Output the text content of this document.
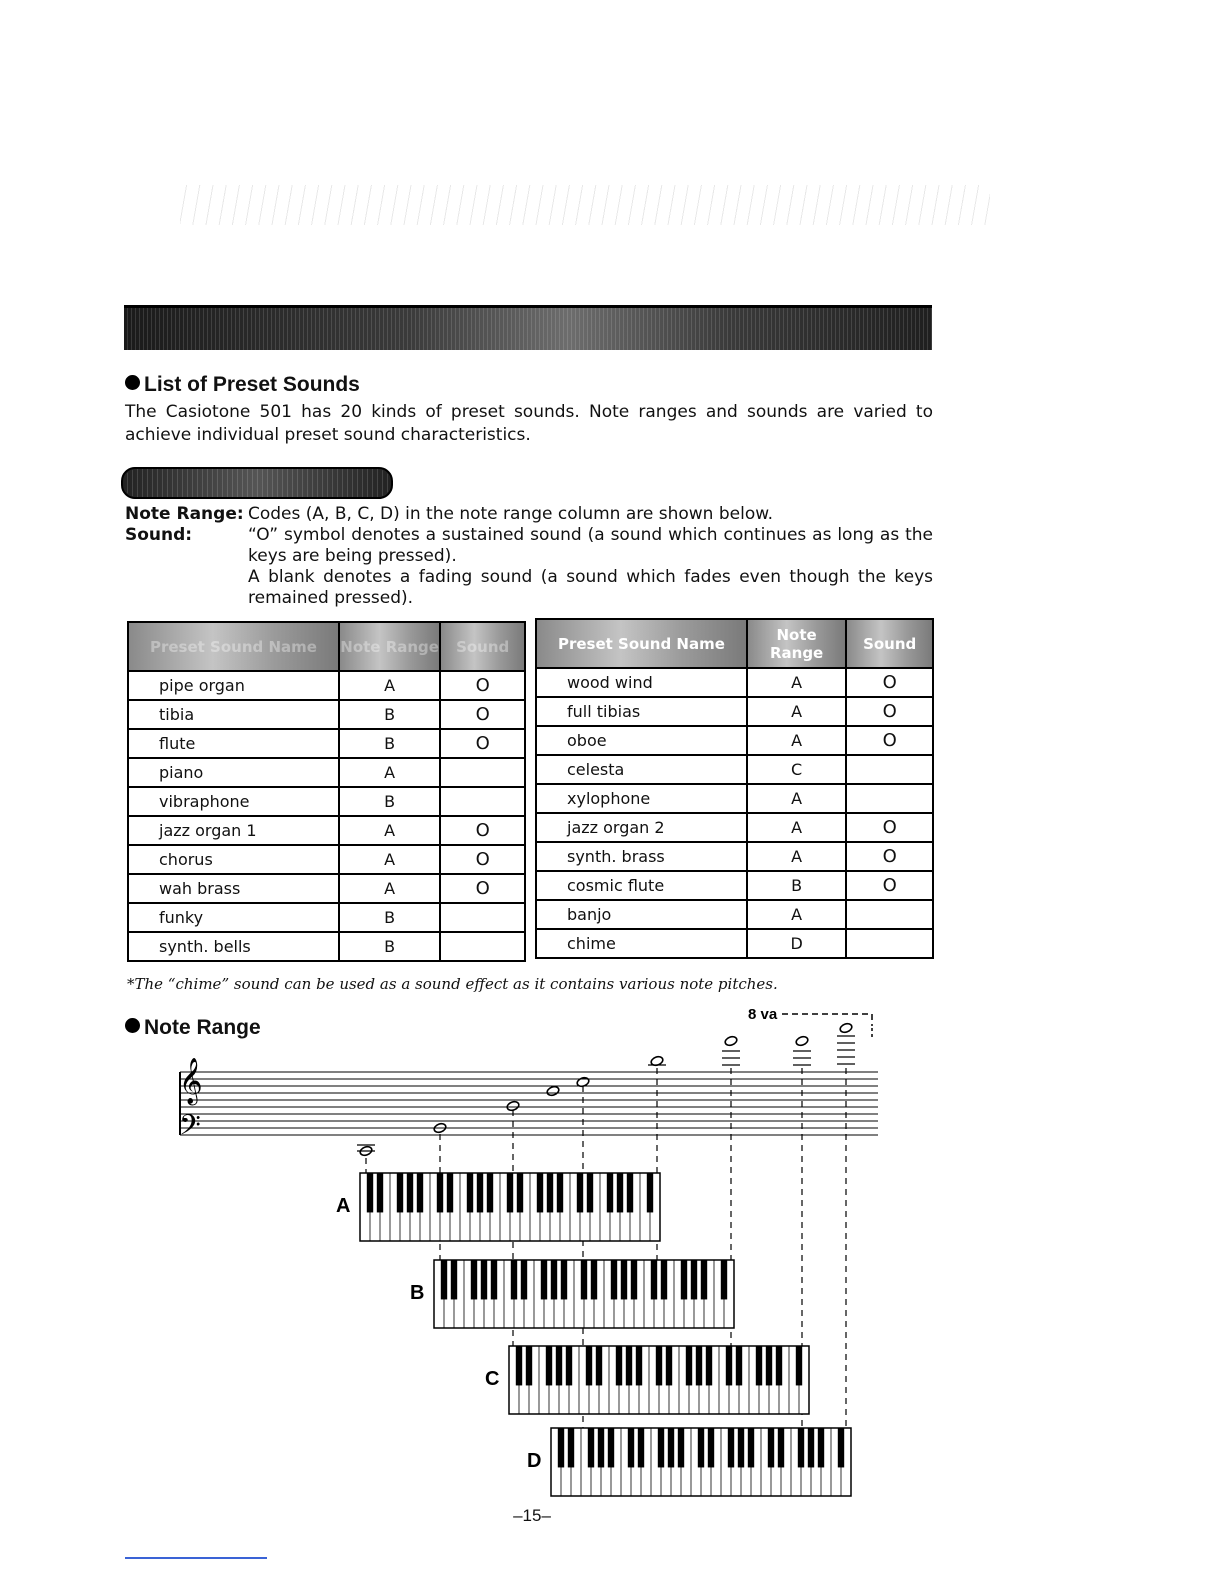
List of Preset Sounds
The Casiotone 501 has 20 kinds of preset sounds. Note ranges and sounds are varied to achieve individual preset sound characteristics.
Note Range: Codes (A, B, C, D) in the note range column are shown below.
Sound:	“O” symbol denotes a sustained sound (a sound which continues as long as the keys are being pressed).
A blank denotes a fading sound (a sound which fades even though the keys remained pressed).
Preset Sound Name	Note Range	Sound
pipe organ	A	O
tibia	B	O
flute	B	O
piano	A	
vibraphone	B	
jazz organ 1	A	O
chorus	A	O
wah brass	A	O
funky	B	
synth. bells	B	
Preset Sound Name	Note Range	Sound
wood wind	A	O
full tibias	A	O
oboe	A	O
celesta	C	
xylophone	A	
jazz organ 2	A	O
synth. brass	A	O
cosmic flute	B	O
banjo	A	
chime	D	
*The “chime” sound can be used as a sound effect as it contains various note pitches.
Note Range
8 va
𝄞
𝄢
A
B
C
D
–15–
